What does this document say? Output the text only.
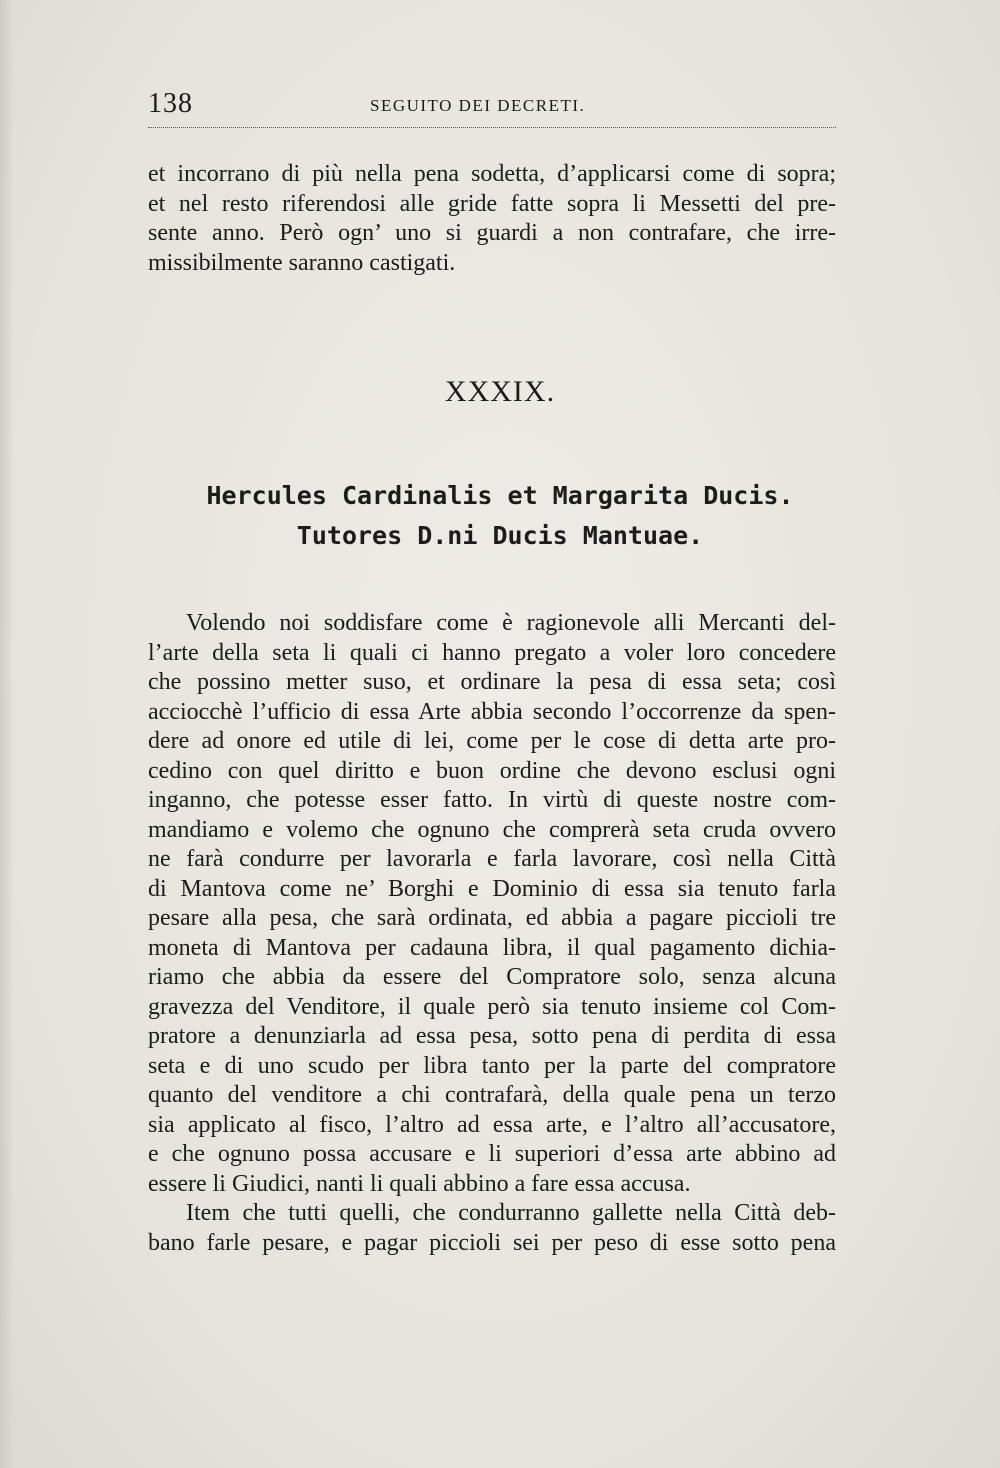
138	SEGUITO DEI DECRETI.
et incorrano di più nella pena sodetta, d’applicarsi come di sopra;
et nel resto riferendosi alle gride fatte sopra li Messetti del pre-
sente anno. Però ogn’ uno si guardi a non contrafare, che irre-
missibilmente saranno castigati.
XXXIX.
Hercules Cardinalis et Margarita Ducis.
Tutores D.ni Ducis Mantuae.
Volendo noi soddisfare come è ragionevole alli Mercanti del-
l’arte della seta li quali ci hanno pregato a voler loro concedere
che possino metter suso, et ordinare la pesa di essa seta; così
acciocchè l’ufficio di essa Arte abbia secondo l’occorrenze da spen-
dere ad onore ed utile di lei, come per le cose di detta arte pro-
cedino con quel diritto e buon ordine che devono esclusi ogni
inganno, che potesse esser fatto. In virtù di queste nostre com-
mandiamo e volemo che ognuno che comprerà seta cruda ovvero
ne farà condurre per lavorarla e farla lavorare, così nella Città
di Mantova come ne’ Borghi e Dominio di essa sia tenuto farla
pesare alla pesa, che sarà ordinata, ed abbia a pagare piccioli tre
moneta di Mantova per cadauna libra, il qual pagamento dichia-
riamo che abbia da essere del Compratore solo, senza alcuna
gravezza del Venditore, il quale però sia tenuto insieme col Com-
pratore a denunziarla ad essa pesa, sotto pena di perdita di essa
seta e di uno scudo per libra tanto per la parte del compratore
quanto del venditore a chi contrafarà, della quale pena un terzo
sia applicato al fisco, l’altro ad essa arte, e l’altro all’accusatore,
e che ognuno possa accusare e li superiori d’essa arte abbino ad
essere li Giudici, nanti li quali abbino a fare essa accusa.
Item che tutti quelli, che condurranno gallette nella Città deb-
bano farle pesare, e pagar piccioli sei per peso di esse sotto pena
